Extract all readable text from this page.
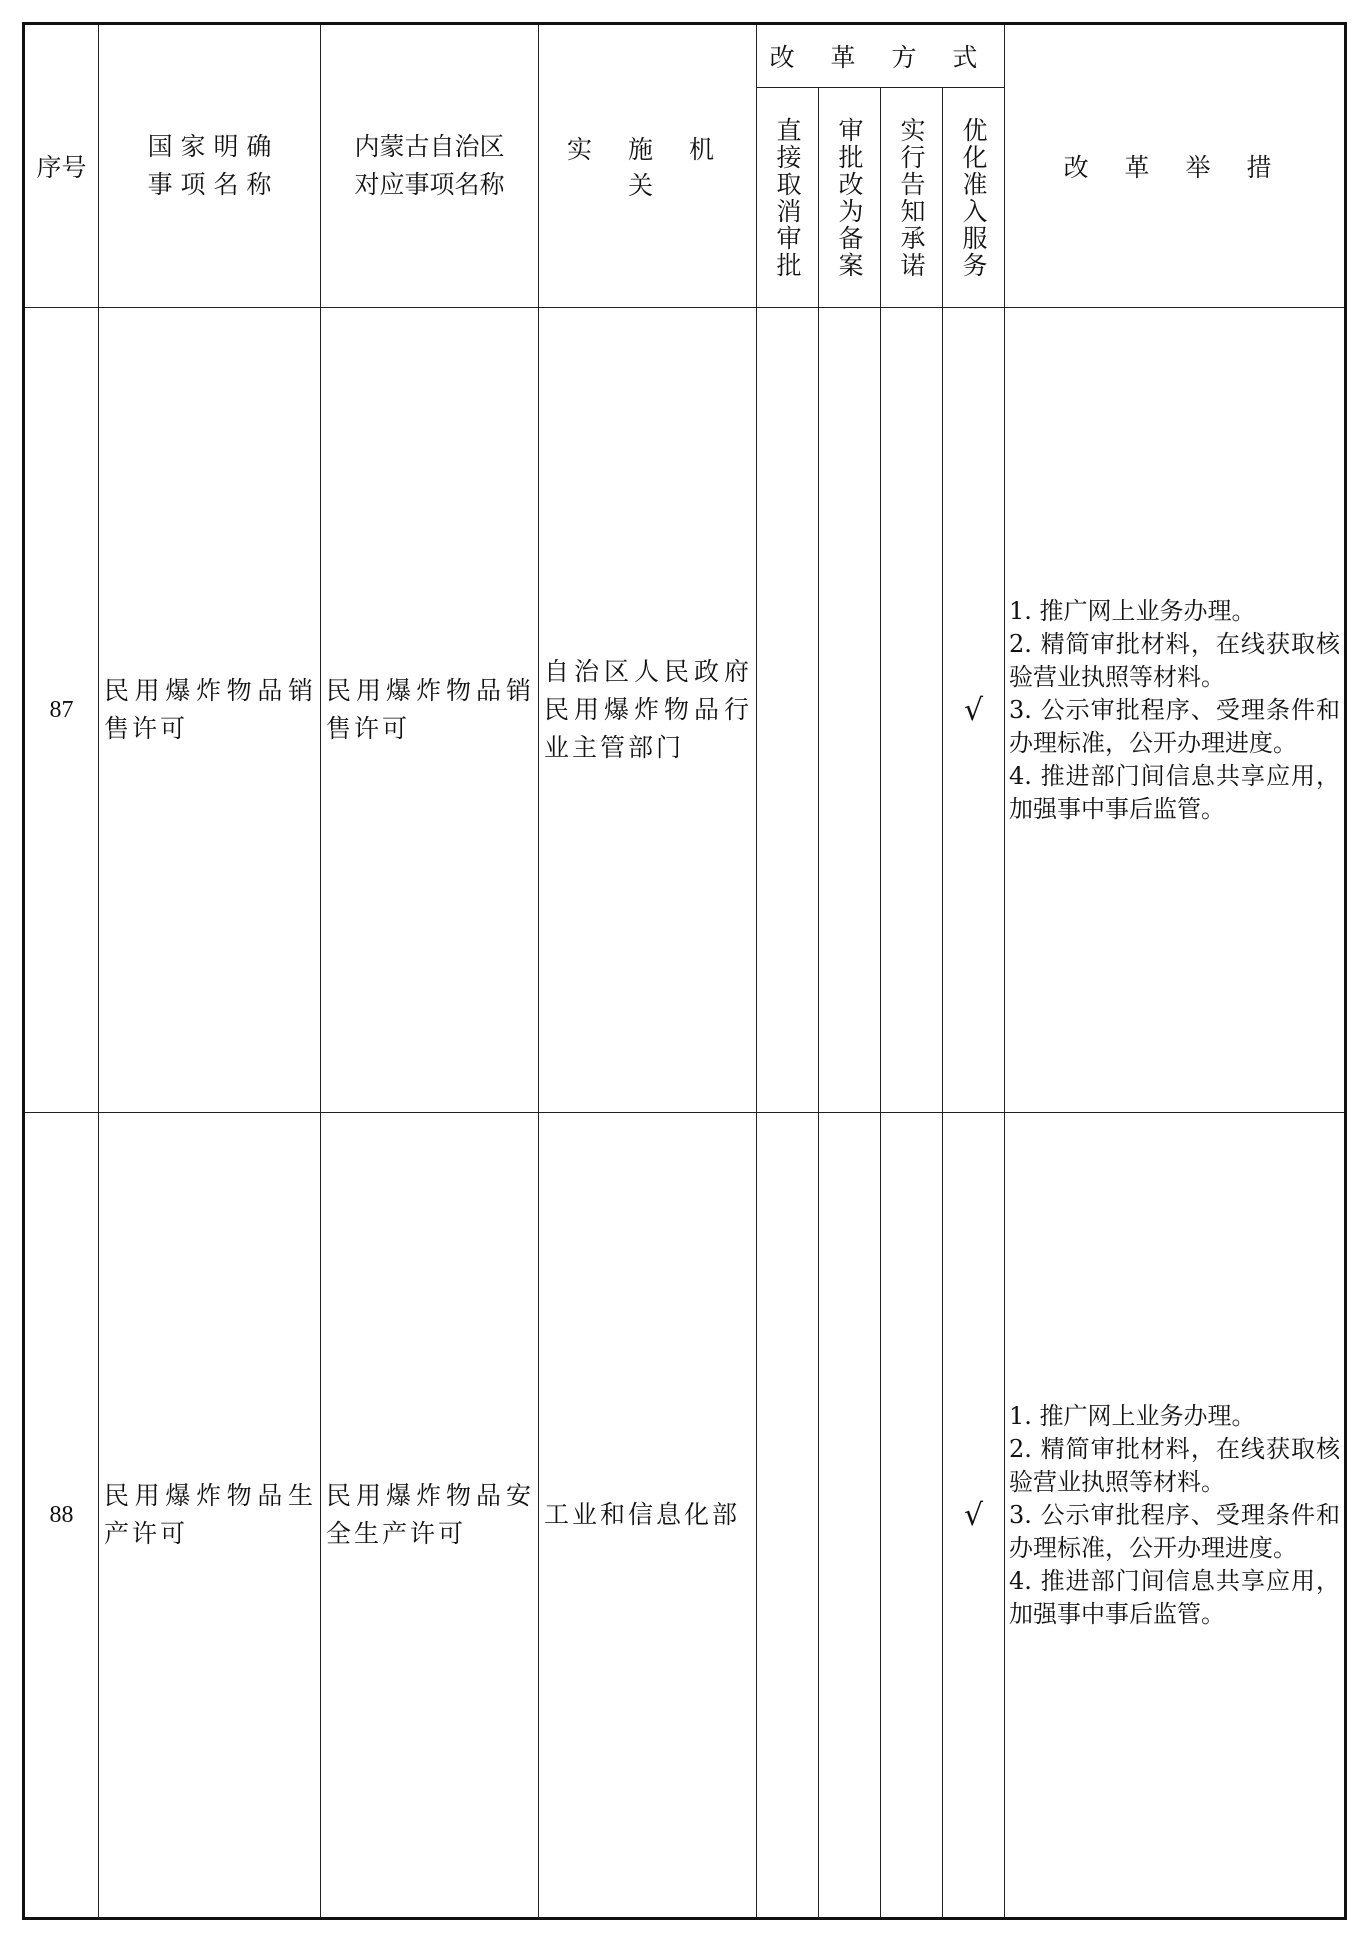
序号	国 家 明 确
事 项 名 称	内蒙古自治区
对应事项名称	实 施 机 关	改 革 方 式				改 革 举 措

				直接取消审批	审批改为备案	实行告知承诺	优化准入服务	

87	民用爆炸物品销售许可	民用爆炸物品销售许可	自治区人民政府民用爆炸物品行业主管部门				√	1. 推广网上业务办理。
2. 精简审批材料，在线获取核验营业执照等材料。
3. 公示审批程序、受理条件和办理标准，公开办理进度。
4. 推进部门间信息共享应用，加强事中事后监管。

88	民用爆炸物品生产许可	民用爆炸物品安全生产许可	工业和信息化部				√	1. 推广网上业务办理。
2. 精简审批材料，在线获取核验营业执照等材料。
3. 公示审批程序、受理条件和办理标准，公开办理进度。
4. 推进部门间信息共享应用，加强事中事后监管。
